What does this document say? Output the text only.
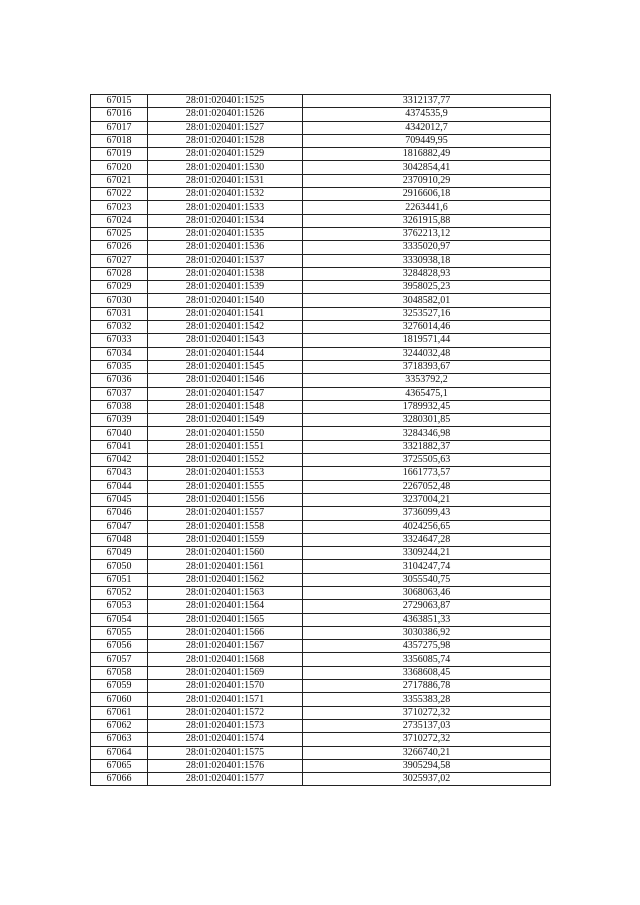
67015	28:01:020401:1525	3312137,77
67016	28:01:020401:1526	4374535,9
67017	28:01:020401:1527	4342012,7
67018	28:01:020401:1528	709449,95
67019	28:01:020401:1529	1816882,49
67020	28:01:020401:1530	3042854,41
67021	28:01:020401:1531	2370910,29
67022	28:01:020401:1532	2916606,18
67023	28:01:020401:1533	2263441,6
67024	28:01:020401:1534	3261915,88
67025	28:01:020401:1535	3762213,12
67026	28:01:020401:1536	3335020,97
67027	28:01:020401:1537	3330938,18
67028	28:01:020401:1538	3284828,93
67029	28:01:020401:1539	3958025,23
67030	28:01:020401:1540	3048582,01
67031	28:01:020401:1541	3253527,16
67032	28:01:020401:1542	3276014,46
67033	28:01:020401:1543	1819571,44
67034	28:01:020401:1544	3244032,48
67035	28:01:020401:1545	3718393,67
67036	28:01:020401:1546	3353792,2
67037	28:01:020401:1547	4365475,1
67038	28:01:020401:1548	1789932,45
67039	28:01:020401:1549	3280301,85
67040	28:01:020401:1550	3284346,98
67041	28:01:020401:1551	3321882,37
67042	28:01:020401:1552	3725505,63
67043	28:01:020401:1553	1661773,57
67044	28:01:020401:1555	2267052,48
67045	28:01:020401:1556	3237004,21
67046	28:01:020401:1557	3736099,43
67047	28:01:020401:1558	4024256,65
67048	28:01:020401:1559	3324647,28
67049	28:01:020401:1560	3309244,21
67050	28:01:020401:1561	3104247,74
67051	28:01:020401:1562	3055540,75
67052	28:01:020401:1563	3068063,46
67053	28:01:020401:1564	2729063,87
67054	28:01:020401:1565	4363851,33
67055	28:01:020401:1566	3030386,92
67056	28:01:020401:1567	4357275,98
67057	28:01:020401:1568	3356085,74
67058	28:01:020401:1569	3368608,45
67059	28:01:020401:1570	2717886,78
67060	28:01:020401:1571	3355383,28
67061	28:01:020401:1572	3710272,32
67062	28:01:020401:1573	2735137,03
67063	28:01:020401:1574	3710272,32
67064	28:01:020401:1575	3266740,21
67065	28:01:020401:1576	3905294,58
67066	28:01:020401:1577	3025937,02
